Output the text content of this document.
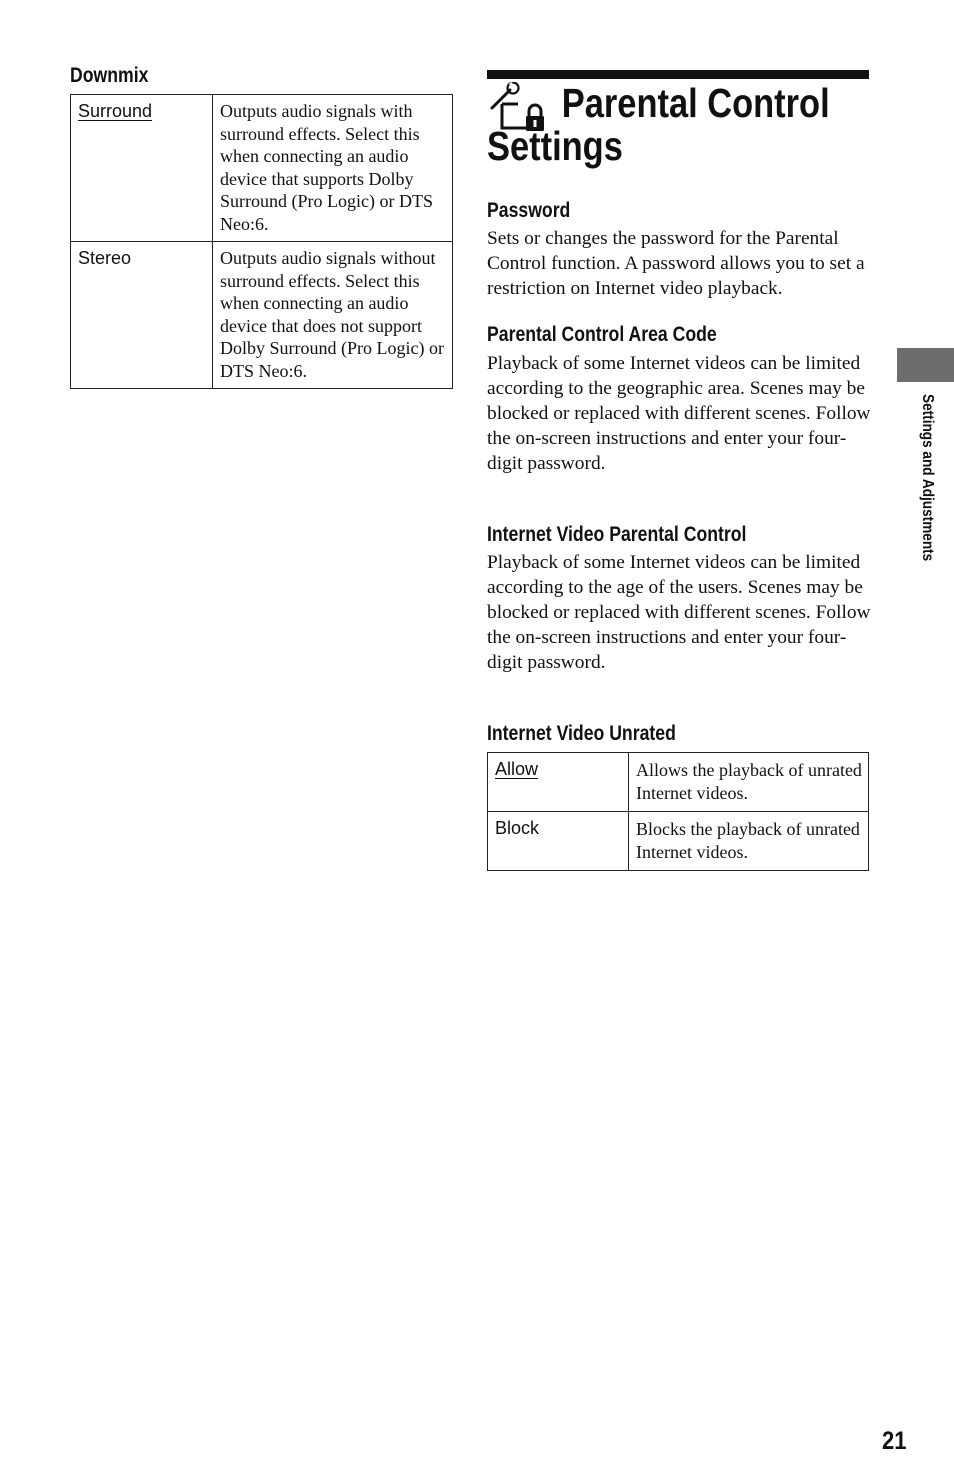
Downmix
Surround	Outputs audio signals with surround effects. Select this when connecting an audio device that supports Dolby Surround (Pro Logic) or DTS Neo:6.
Stereo	Outputs audio signals without surround effects. Select this when connecting an audio device that does not support Dolby Surround (Pro Logic) or DTS Neo:6.
Parental Control
Settings
Password

Sets or changes the password for the Parental Control function. A password allows you to set a restriction on Internet video playback.

Parental Control Area Code

Playback of some Internet videos can be limited according to the geographic area. Scenes may be blocked or replaced with different scenes. Follow the on-screen instructions and enter your four-digit password.

Internet Video Parental Control

Playback of some Internet videos can be limited according to the age of the users. Scenes may be blocked or replaced with different scenes. Follow the on-screen instructions and enter your four-digit password.

Internet Video Unrated
Allow	Allows the playback of unrated Internet videos.
Block	Blocks the playback of unrated Internet videos.
Settings and Adjustments
21
